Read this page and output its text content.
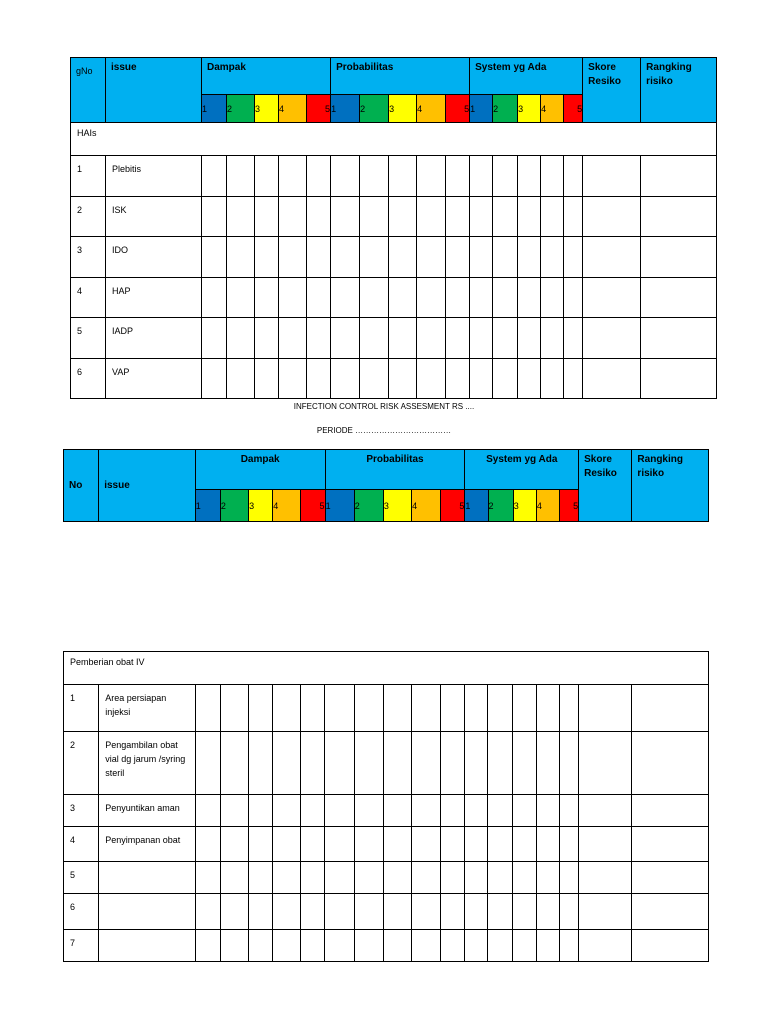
gNo	issue	Dampak					Probabilitas					System yg Ada					Skore Resiko	Rangking risiko
		1	2	3	4	5	1	2	3	4	5	1	2	3	4	5		
HAIs																		
1	Plebitis																	
2	ISK																	
3	IDO																	
4	HAP																	
5	IADP																	
6	VAP																	
INFECTION CONTROL RISK ASSESMENT RS ....
PERIODE ………………………………
No	issue	Dampak					Probabilitas					System yg Ada					Skore Resiko	Rangking risiko
		1	2	3	4	5	1	2	3	4	5	1	2	3	4	5		
Pemberian obat IV																		
1	Area persiapan injeksi																	
2	Pengambilan obat vial dg jarum /syring steril																	
3	Penyuntikan aman																	
4	Penyimpanan obat																	
5																		
6																		
7																		
